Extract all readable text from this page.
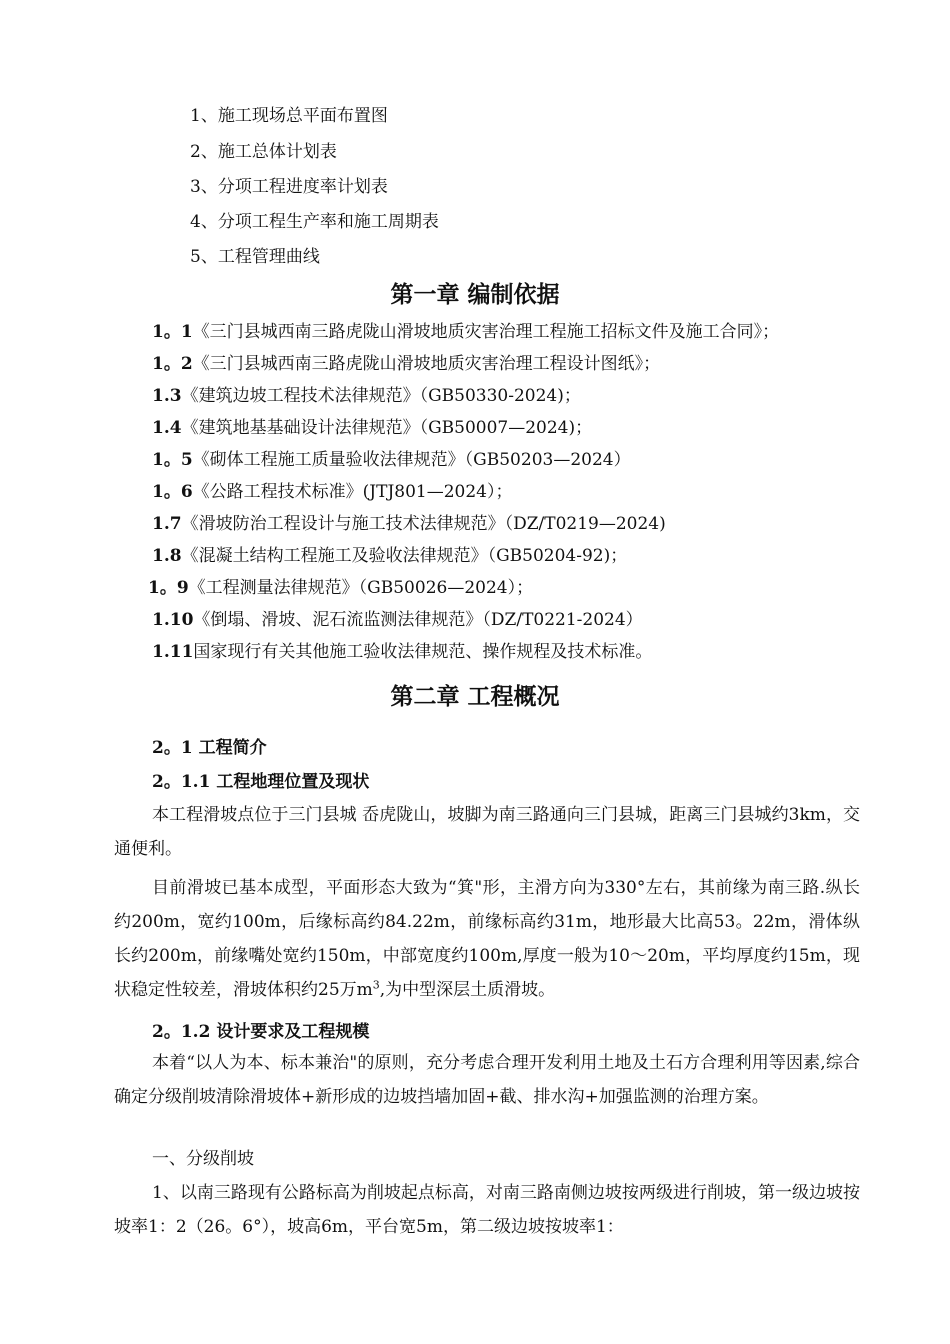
1、施工现场总平面布置图
2、施工总体计划表
3、分项工程进度率计划表
4、分项工程生产率和施工周期表
5、工程管理曲线
第一章 编制依据
1。1《三门县城西南三路虎陇山滑坡地质灾害治理工程施工招标文件及施工合同》；
1。2《三门县城西南三路虎陇山滑坡地质灾害治理工程设计图纸》；
1.3《建筑边坡工程技术法律规范》（GB50330-2024)；
1.4《建筑地基基础设计法律规范》（GB50007—2024)；
1。5《砌体工程施工质量验收法律规范》（GB50203—2024）
1。6《公路工程技术标准》(JTJ801—2024）；
1.7《滑坡防治工程设计与施工技术法律规范》（DZ/T0219—2024)
1.8《混凝土结构工程施工及验收法律规范》（GB50204-92)；
1。9《工程测量法律规范》（GB50026—2024）；
1.10《倒塌、滑坡、泥石流监测法律规范》（DZ/T0221-2024）
1.11国家现行有关其他施工验收法律规范、操作规程及技术标准。
第二章 工程概况
2。1 工程简介
2。1.1 工程地理位置及现状
本工程滑坡点位于三门县城 岙虎陇山，坡脚为南三路通向三门县城，距离三门县城约3km，交通便利。
目前滑坡已基本成型，平面形态大致为“箕"形，主滑方向为330°左右，其前缘为南三路.纵长约200m，宽约100m，后缘标高约84.22m，前缘标高约31m，地形最大比高53。22m，滑体纵长约200m，前缘嘴处宽约150m，中部宽度约100m,厚度一般为10～20m，平均厚度约15m，现状稳定性较差，滑坡体积约25万$m^3$,为中型深层土质滑坡。
2。1.2 设计要求及工程规模
本着“以人为本、标本兼治"的原则，充分考虑合理开发利用土地及土石方合理利用等因素,综合确定分级削坡清除滑坡体+新形成的边坡挡墙加固+截、排水沟+加强监测的治理方案。
一、分级削坡
1、以南三路现有公路标高为削坡起点标高，对南三路南侧边坡按两级进行削坡，第一级边坡按坡率1：2（26。6°），坡高6m，平台宽5m，第二级边坡按坡率1：
